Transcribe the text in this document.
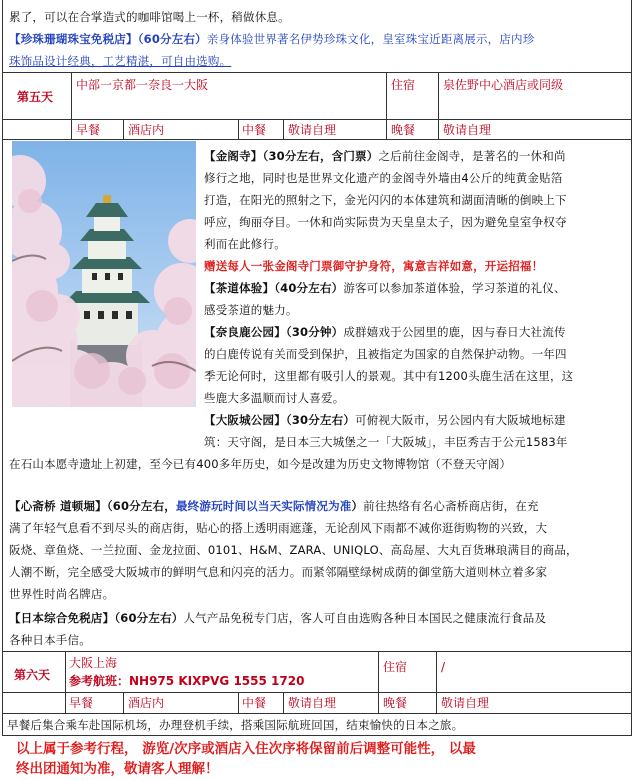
累了，可以在合掌造式的咖啡馆喝上一杯，稍做休息。

【珍珠珊瑚珠宝免税店】（60分左右）亲身体验世界著名伊势珍珠文化，皇室珠宝近距离展示，店内珍

珠饰品设计经典，工艺精湛，可自由选购。

第五天
中部一京都一奈良一大阪	住宿 泉佐野中心酒店或同级
早餐 酒店内	中餐 敬请自理	晚餐 敬请自理

【金阁寺】（30分左右，含门票）之后前往金阁寺，是著名的一休和尚

修行之地，同时也是世界文化遗产的金阁寺外墙由4公斤的纯黄金贴箔

打造，在阳光的照射之下，金光闪闪的本体建筑和湖面清晰的倒映上下

呼应，绚丽夺目。一休和尚实际贵为天皇皇太子，因为避免皇室争权夺

利而在此修行。

赠送每人一张金阁寺门票御守护身符，寓意吉祥如意，开运招福！

【茶道体验】（40分左右）游客可以参加茶道体验，学习茶道的礼仪、

感受茶道的魅力。

【奈良鹿公园】（30分钟）成群嬉戏于公园里的鹿，因与春日大社流传

的白鹿传说有关而受到保护，且被指定为国家的自然保护动物。一年四

季无论何时，这里都有吸引人的景观。其中有1200头鹿生活在这里，这

些鹿大多温顺而讨人喜爱。

【大阪城公园】（30分左右）可俯视大阪市，另公园内有大阪城地标建

筑：天守阁，是日本三大城堡之一「大阪城」，丰臣秀吉于公元1583年

在石山本愿寺遗址上初建，至今已有400多年历史，如今是改建为历史文物博物馆（不登天守阁）

【心斋桥 道顿堀】（60分左右，最终游玩时间以当天实际情况为准）前往热络有名心斋桥商店街，在充

满了年轻气息看不到尽头的商店街，贴心的搭上透明雨遮蓬，无论刮风下雨都不减你逛街购物的兴致，大

阪烧、章鱼烧、一兰拉面、金龙拉面、0101、H&M、ZARA、UNIQLO、高岛屋、大丸百货琳琅满目的商品，

人潮不断，完全感受大阪城市的鲜明气息和闪亮的活力。而紧邻隔壁绿树成荫的御堂筋大道则林立着多家

世界性时尚名牌店。

【日本综合免税店】（60分左右）人气产品免税专门店，客人可自由选购各种日本国民之健康流行食品及

各种日本手信。

第六天
大阪上海
参考航班：NH975 KIXPVG 1555 1720
住宿	/
早餐	酒店内	中餐 敬请自理	晚餐	敬请自理

早餐后集合乘车赴国际机场，办理登机手续，搭乘国际航班回国，结束愉快的日本之旅。

以上属于参考行程， 游览/次序或酒店入住次序将保留前后调整可能性， 以最
终出团通知为准，敬请客人理解！
